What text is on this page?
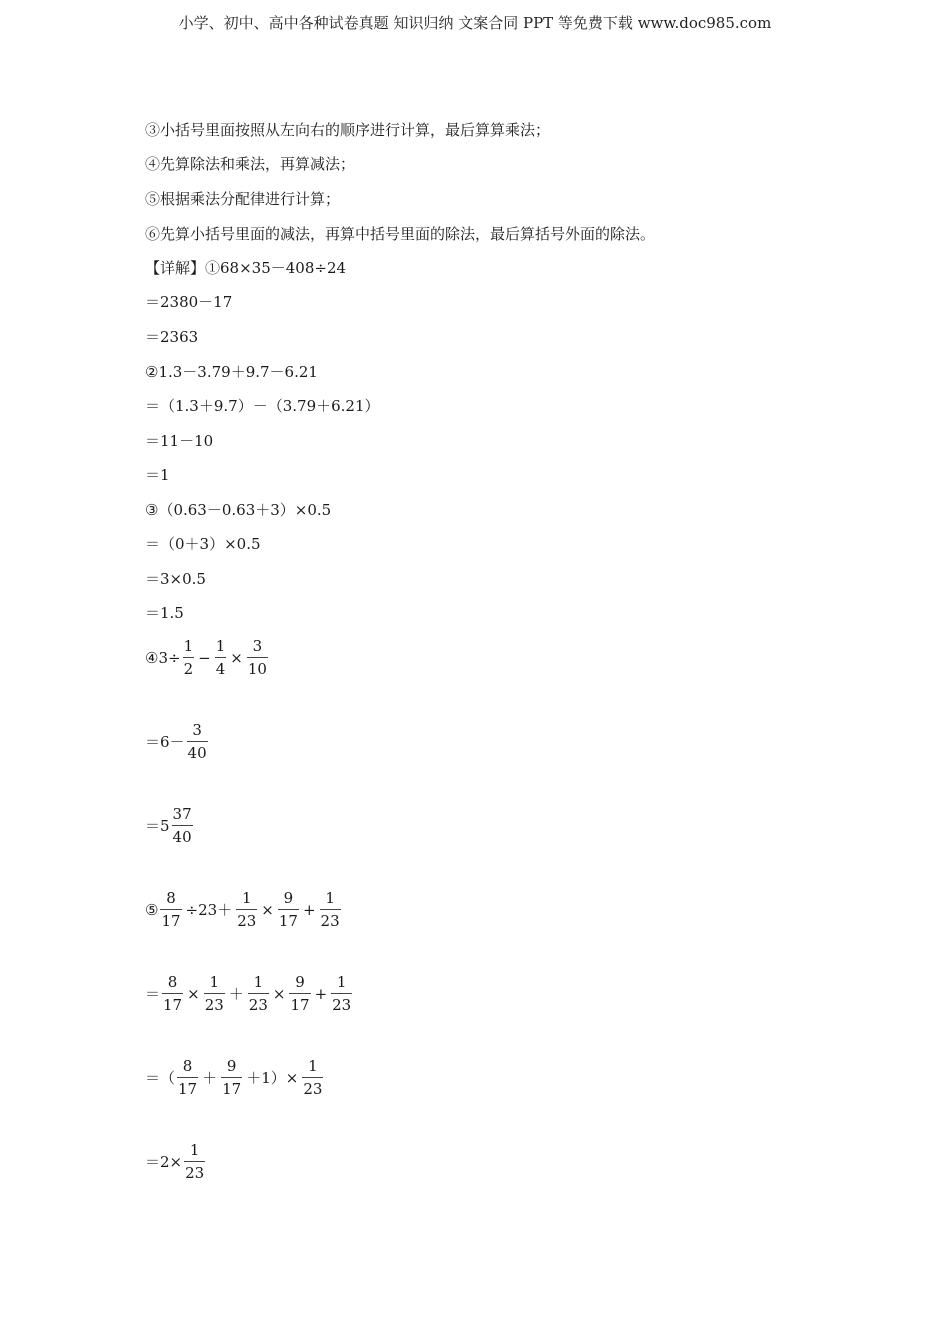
小学、初中、高中各种试卷真题 知识归纳 文案合同 PPT 等免费下载 www.doc985.com
③小括号里面按照从左向右的顺序进行计算，最后算算乘法；
④先算除法和乘法，再算减法；
⑤根据乘法分配律进行计算；
⑥先算小括号里面的减法，再算中括号里面的除法，最后算括号外面的除法。
【详解】①68×35－408÷24
＝2380－17
＝2363
②1.3－3.79＋9.7－6.21
＝（1.3＋9.7）－（3.79＋6.21）
＝11－10
＝1
③（0.63－0.63＋3）×0.5
＝（0＋3）×0.5
＝3×0.5
＝1.5
④3÷ $\frac{1}{2} - \frac{1}{4} \times \frac{3}{10}$
$=6- \frac{3}{40}$
$=5 \frac{37}{40}$
⑤ $\frac{8}{17} \div 23+ \frac{1}{23} \times \frac{9}{17} + \frac{1}{23}$
＝ $\frac{8}{17} \times \frac{1}{23} + \frac{1}{23} \times \frac{9}{17} + \frac{1}{23}$
＝（ $\frac{8}{17} + \frac{9}{17} +1)\times \frac{1}{23}$
$=2\times \frac{1}{23}$
